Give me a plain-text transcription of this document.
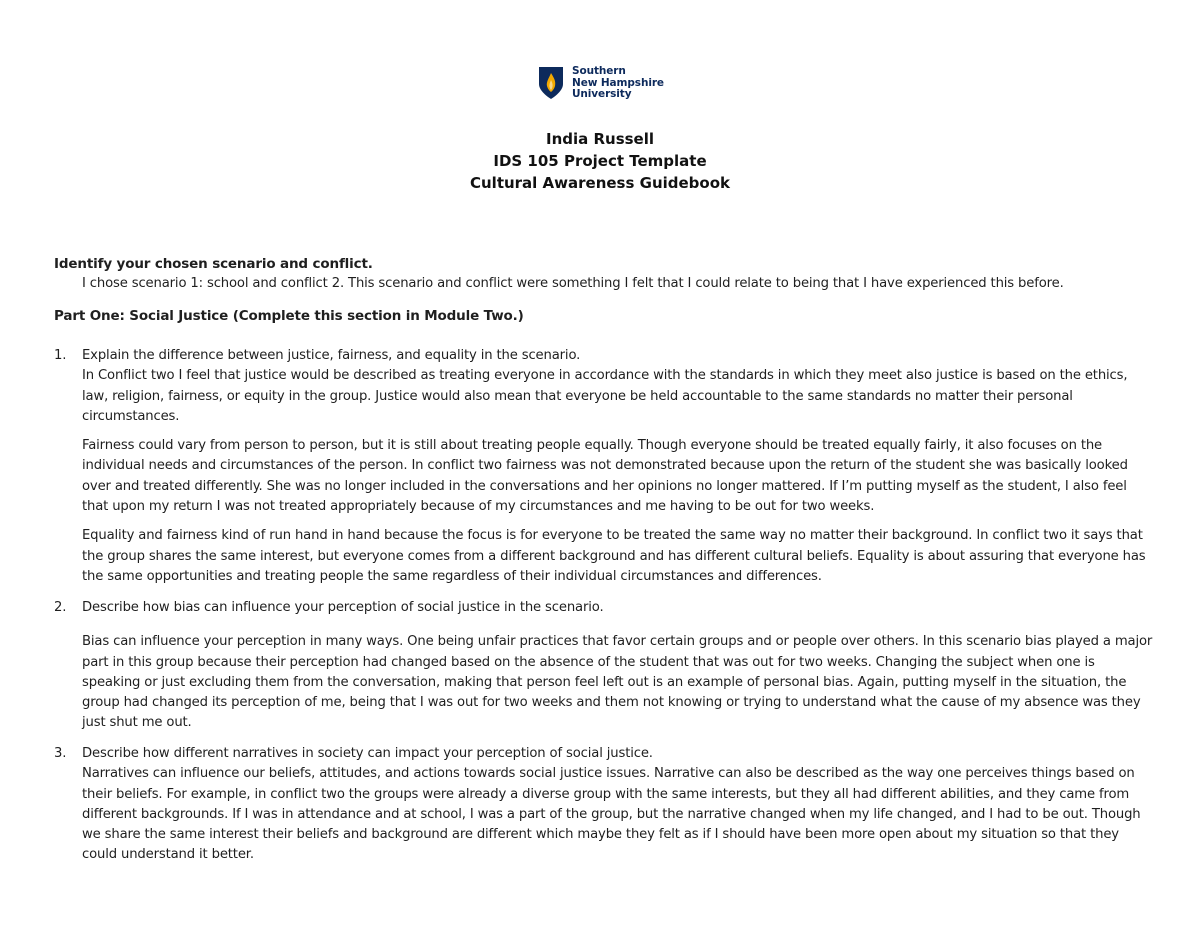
Southern
New Hampshire
University
India Russell
IDS 105 Project Template
Cultural Awareness Guidebook

Identify your chosen scenario and conflict.

I chose scenario 1: school and conflict 2. This scenario and conflict were something I felt that I could relate to being that I have experienced this before.

Part One: Social Justice (Complete this section in Module Two.)

1.	Explain the difference between justice, fairness, and equality in the scenario.

In Conflict two I feel that justice would be described as treating everyone in accordance with the standards in which they meet also justice is based on the ethics, law, religion, fairness, or equity in the group. Justice would also mean that everyone be held accountable to the same standards no matter their personal circumstances.

Fairness could vary from person to person, but it is still about treating people equally. Though everyone should be treated equally fairly, it also focuses on the individual needs and circumstances of the person. In conflict two fairness was not demonstrated because upon the return of the student she was basically looked over and treated differently. She was no longer included in the conversations and her opinions no longer mattered. If I’m putting myself as the student, I also feel that upon my return I was not treated appropriately because of my circumstances and me having to be out for two weeks.

Equality and fairness kind of run hand in hand because the focus is for everyone to be treated the same way no matter their background. In conflict two it says that the group shares the same interest, but everyone comes from a different background and has different cultural beliefs. Equality is about assuring that everyone has the same opportunities and treating people the same regardless of their individual circumstances and differences.

2.	Describe how bias can influence your perception of social justice in the scenario.

Bias can influence your perception in many ways. One being unfair practices that favor certain groups and or people over others. In this scenario bias played a major part in this group because their perception had changed based on the absence of the student that was out for two weeks. Changing the subject when one is speaking or just excluding them from the conversation, making that person feel left out is an example of personal bias. Again, putting myself in the situation, the group had changed its perception of me, being that I was out for two weeks and them not knowing or trying to understand what the cause of my absence was they just shut me out.

3.	Describe how different narratives in society can impact your perception of social justice.

Narratives can influence our beliefs, attitudes, and actions towards social justice issues. Narrative can also be described as the way one perceives things based on their beliefs. For example, in conflict two the groups were already a diverse group with the same interests, but they all had different abilities, and they came from different backgrounds. If I was in attendance and at school, I was a part of the group, but the narrative changed when my life changed, and I had to be out. Though we share the same interest their beliefs and background are different which maybe they felt as if I should have been more open about my situation so that they could understand it better.
